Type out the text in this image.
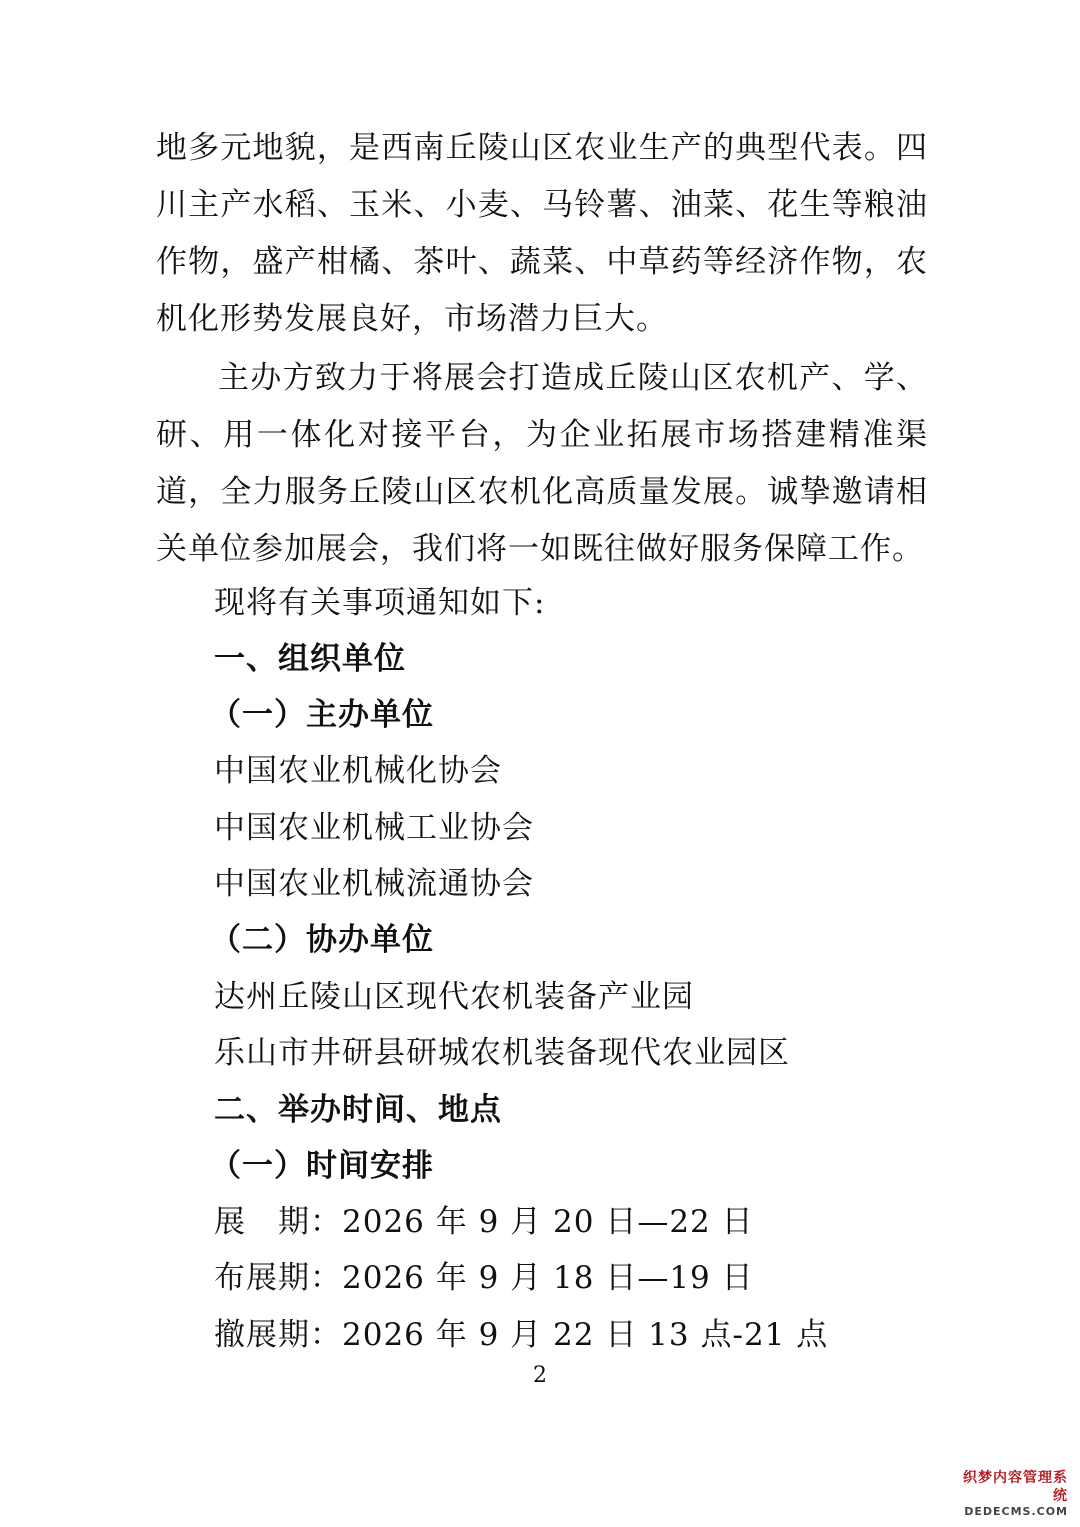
地多元地貌，是西南丘陵山区农业生产的典型代表。四川主产水稻、玉米、小麦、马铃薯、油菜、花生等粮油作物，盛产柑橘、茶叶、蔬菜、中草药等经济作物，农机化形势发展良好，市场潜力巨大。

主办方致力于将展会打造成丘陵山区农机产、学、研、用一体化对接平台，为企业拓展市场搭建精准渠道，全力服务丘陵山区农机化高质量发展。诚挚邀请相关单位参加展会，我们将一如既往做好服务保障工作。

现将有关事项通知如下:

一、组织单位

（一）主办单位

中国农业机械化协会

中国农业机械工业协会

中国农业机械流通协会

（二）协办单位

达州丘陵山区现代农机装备产业园

乐山市井研县研城农机装备现代农业园区

二、举办时间、地点

（一）时间安排

展　期：2026 年 9 月 20 日—22 日

布展期：2026 年 9 月 18 日—19 日

撤展期：2026 年 9 月 22 日 13 点-21 点

2
织梦内容管理系统
DEDECMS.COM
